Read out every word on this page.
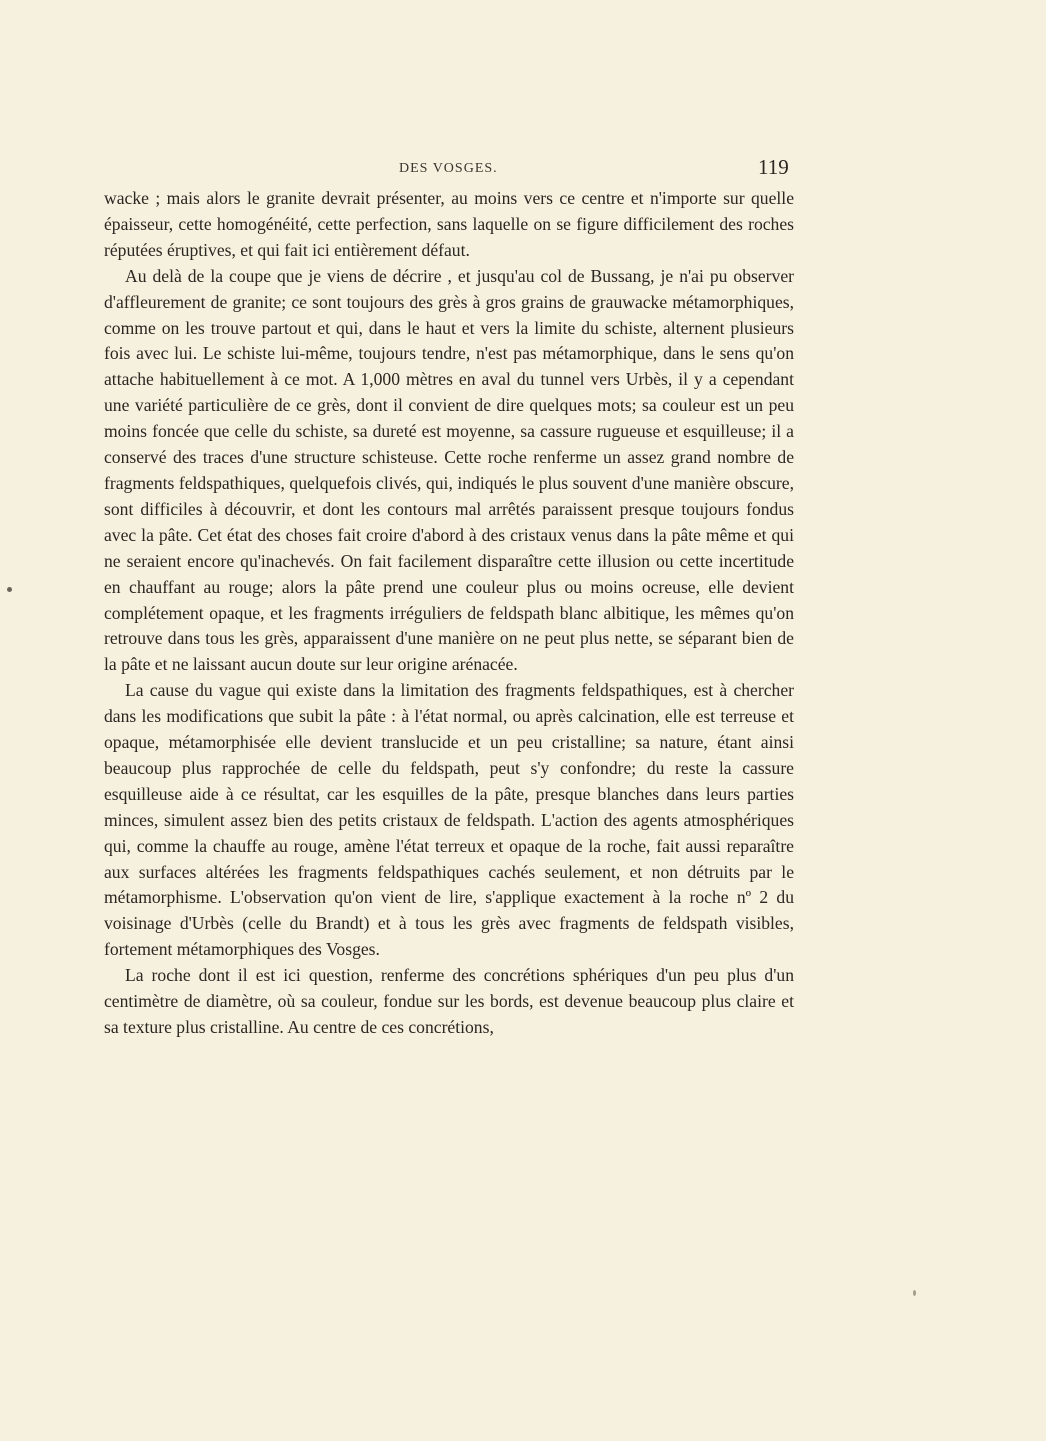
DES VOSGES.	119

wacke ; mais alors le granite devrait présenter, au moins vers ce centre et n'importe sur quelle épaisseur, cette homogénéité, cette perfection, sans laquelle on se figure difficilement des roches réputées éruptives, et qui fait ici entièrement défaut.

Au delà de la coupe que je viens de décrire , et jusqu'au col de Bussang, je n'ai pu observer d'affleurement de granite; ce sont toujours des grès à gros grains de grauwacke métamorphiques, comme on les trouve partout et qui, dans le haut et vers la limite du schiste, alternent plusieurs fois avec lui. Le schiste lui-même, toujours tendre, n'est pas métamorphique, dans le sens qu'on attache habituellement à ce mot. A 1,000 mètres en aval du tunnel vers Urbès, il y a cependant une variété particulière de ce grès, dont il convient de dire quelques mots; sa couleur est un peu moins foncée que celle du schiste, sa dureté est moyenne, sa cassure rugueuse et esquilleuse; il a conservé des traces d'une structure schisteuse. Cette roche renferme un assez grand nombre de fragments feldspathiques, quelquefois clivés, qui, indiqués le plus souvent d'une manière obscure, sont difficiles à découvrir, et dont les contours mal arrêtés paraissent presque toujours fondus avec la pâte. Cet état des choses fait croire d'abord à des cristaux venus dans la pâte même et qui ne seraient encore qu'inachevés. On fait facilement disparaître cette illusion ou cette incertitude en chauffant au rouge; alors la pâte prend une couleur plus ou moins ocreuse, elle devient complétement opaque, et les fragments irréguliers de feldspath blanc albitique, les mêmes qu'on retrouve dans tous les grès, apparaissent d'une manière on ne peut plus nette, se séparant bien de la pâte et ne laissant aucun doute sur leur origine arénacée.

La cause du vague qui existe dans la limitation des fragments feldspathiques, est à chercher dans les modifications que subit la pâte : à l'état normal, ou après calcination, elle est terreuse et opaque, métamorphisée elle devient translucide et un peu cristalline; sa nature, étant ainsi beaucoup plus rapprochée de celle du feldspath, peut s'y confondre; du reste la cassure esquilleuse aide à ce résultat, car les esquilles de la pâte, presque blanches dans leurs parties minces, simulent assez bien des petits cristaux de feldspath. L'action des agents atmosphériques qui, comme la chauffe au rouge, amène l'état terreux et opaque de la roche, fait aussi reparaître aux surfaces altérées les fragments feldspathiques cachés seulement, et non détruits par le métamorphisme. L'observation qu'on vient de lire, s'applique exactement à la roche nº 2 du voisinage d'Urbès (celle du Brandt) et à tous les grès avec fragments de feldspath visibles, fortement métamorphiques des Vosges.

La roche dont il est ici question, renferme des concrétions sphériques d'un peu plus d'un centimètre de diamètre, où sa couleur, fondue sur les bords, est devenue beaucoup plus claire et sa texture plus cristalline. Au centre de ces concrétions,
